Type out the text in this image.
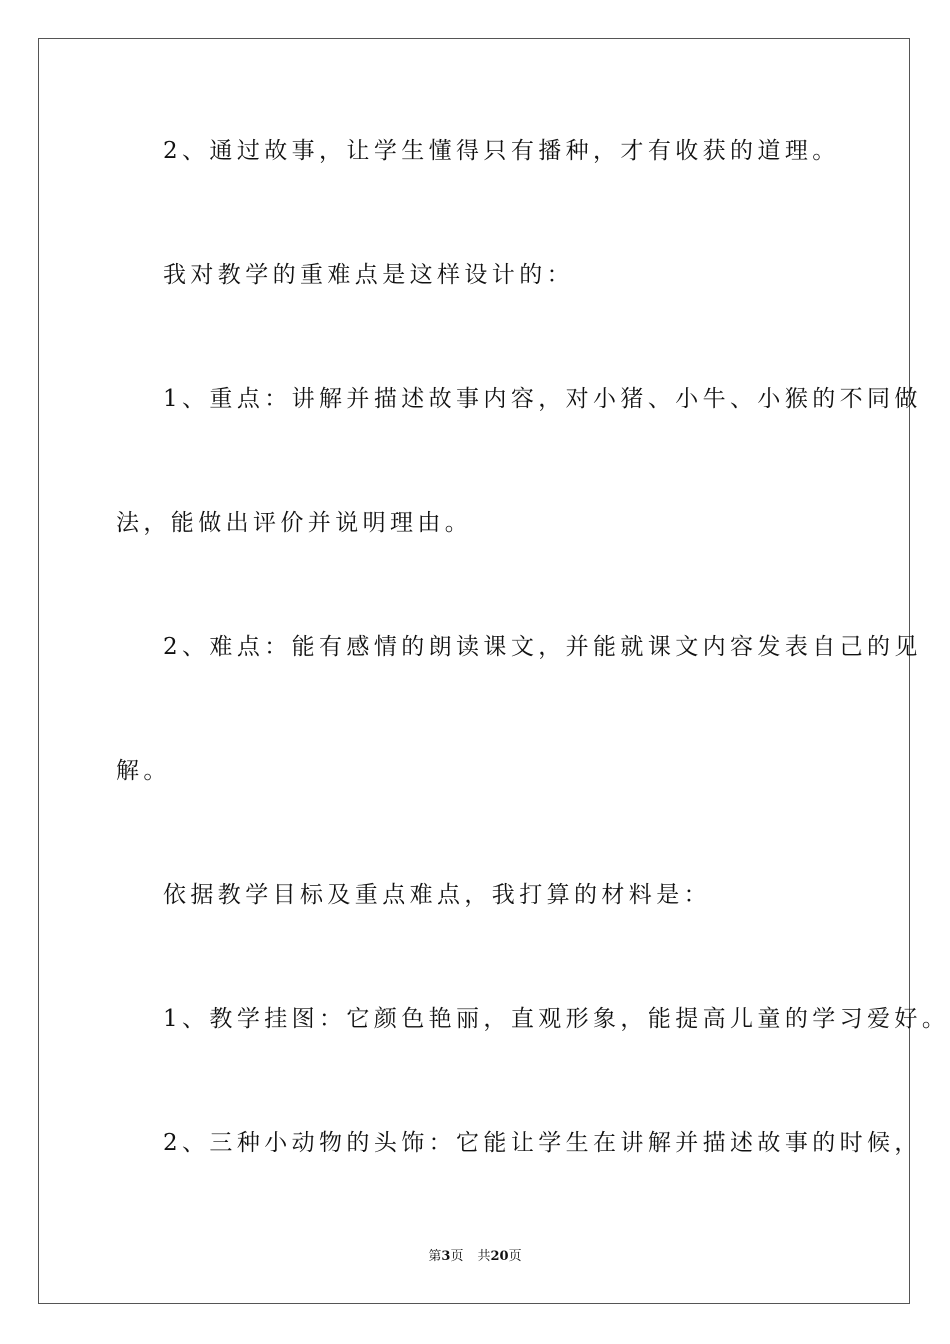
2、通过故事，让学生懂得只有播种，才有收获的道理。
我对教学的重难点是这样设计的：
1、重点：讲解并描述故事内容，对小猪、小牛、小猴的不同做
法，能做出评价并说明理由。
2、难点：能有感情的朗读课文，并能就课文内容发表自己的见
解。
依据教学目标及重点难点，我打算的材料是：
1、教学挂图：它颜色艳丽，直观形象，能提高儿童的学习爱好。
2、三种小动物的头饰：它能让学生在讲解并描述故事的时候，
第3页 共20页
